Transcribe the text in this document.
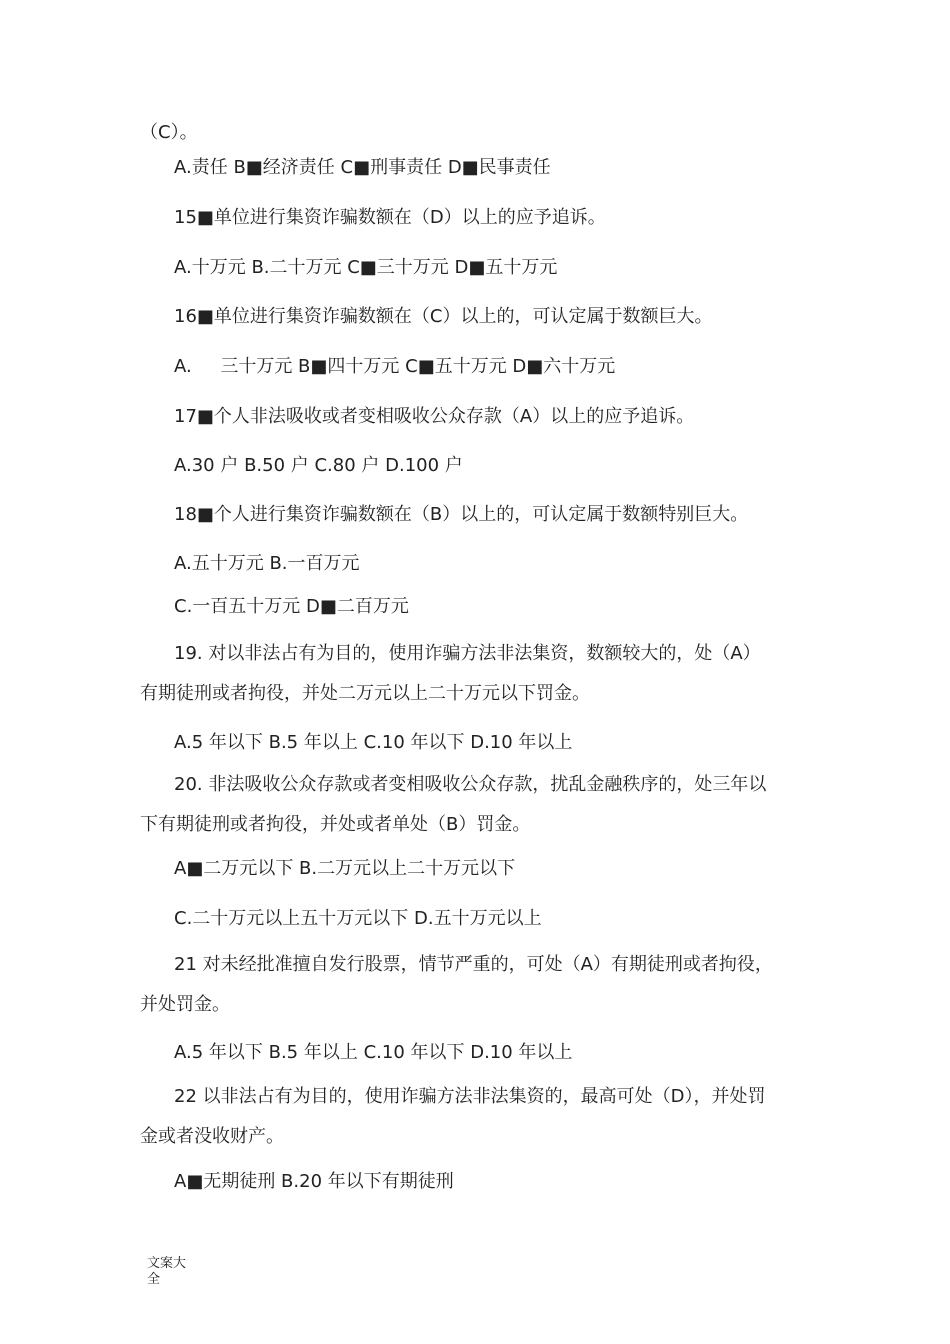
（C）。
A.责任 B■经济责任 C■刑事责任 D■民事责任
15■单位进行集资诈骗数额在（D）以上的应予追诉。
A.十万元 B.二十万元 C■三十万元 D■五十万元
16■单位进行集资诈骗数额在（C）以上的，可认定属于数额巨大。
A.     三十万元 B■四十万元 C■五十万元 D■六十万元
17■个人非法吸收或者变相吸收公众存款（A）以上的应予追诉。
A.30 户 B.50 户 C.80 户 D.100 户
18■个人进行集资诈骗数额在（B）以上的，可认定属于数额特别巨大。
A.五十万元 B.一百万元
C.一百五十万元 D■二百万元
19. 对以非法占有为目的，使用诈骗方法非法集资，数额较大的，处（A）
有期徒刑或者拘役，并处二万元以上二十万元以下罚金。
A.5 年以下 B.5 年以上 C.10 年以下 D.10 年以上
20. 非法吸收公众存款或者变相吸收公众存款，扰乱金融秩序的，处三年以
下有期徒刑或者拘役，并处或者单处（B）罚金。
A■二万元以下 B.二万元以上二十万元以下
C.二十万元以上五十万元以下 D.五十万元以上
21 对未经批准擅自发行股票，情节严重的，可处（A）有期徒刑或者拘役，
并处罚金。
A.5 年以下 B.5 年以上 C.10 年以下 D.10 年以上
22 以非法占有为目的，使用诈骗方法非法集资的，最高可处（D），并处罚
金或者没收财产。
A■无期徒刑 B.20 年以下有期徒刑
文案大全
